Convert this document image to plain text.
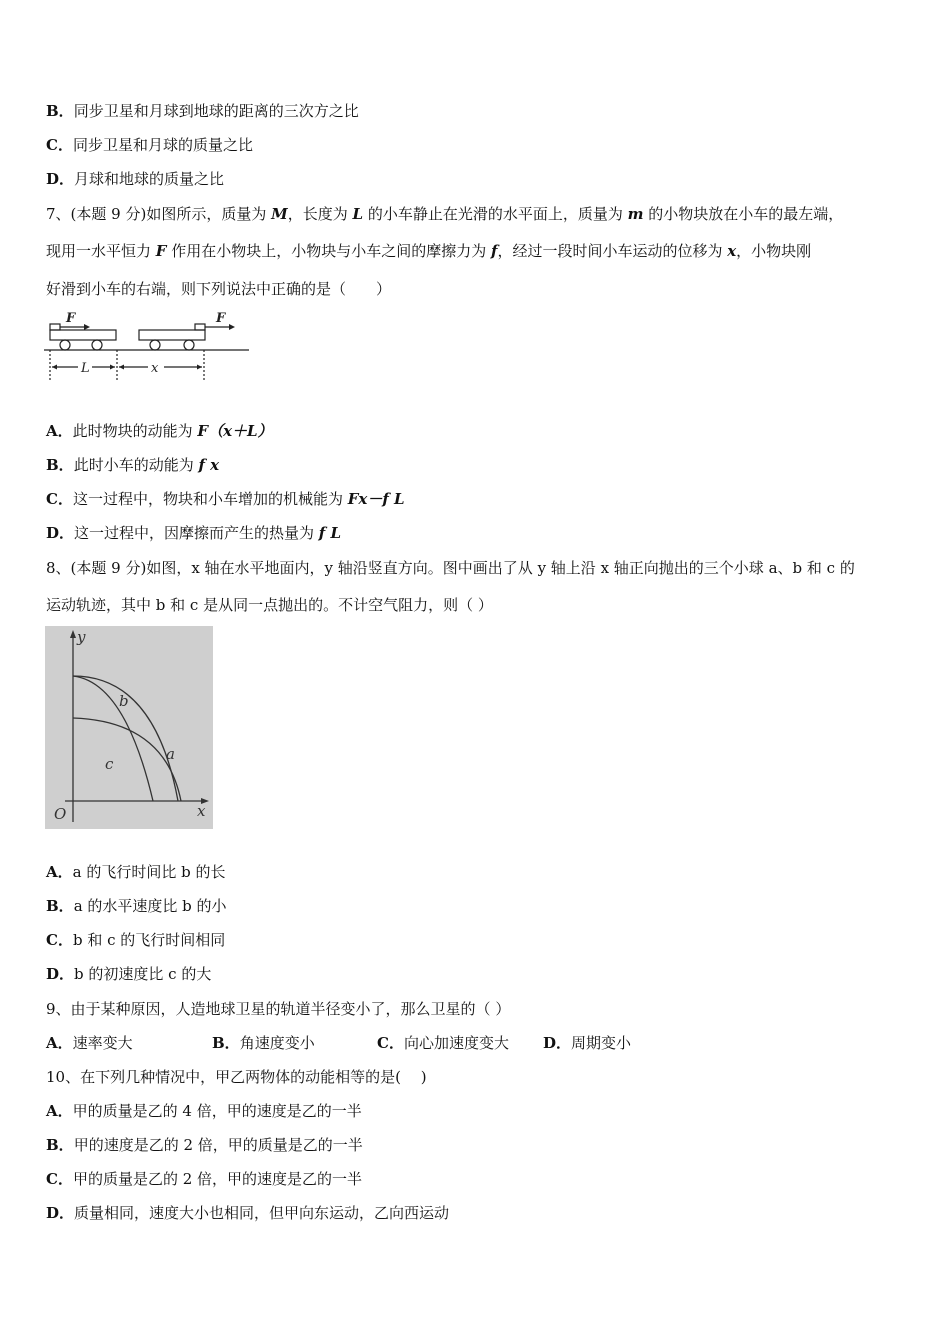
B．同步卫星和月球到地球的距离的三次方之比
C．同步卫星和月球的质量之比
D．月球和地球的质量之比
7、(本题 9 分)如图所示，质量为 M，长度为 L 的小车静止在光滑的水平面上，质量为 m 的小物块放在小车的最左端，
现用一水平恒力 F 作用在小物块上，小物块与小车之间的摩擦力为 f，经过一段时间小车运动的位移为 x，小物块刚
好滑到小车的右端，则下列说法中正确的是（　　）
F	F
L	x
A．此时物块的动能为 F（x＋L）
B．此时小车的动能为 f x
C．这一过程中，物块和小车增加的机械能为 Fx－f L
D．这一过程中，因摩擦而产生的热量为 f L
8、(本题 9 分)如图，x 轴在水平地面内，y 轴沿竖直方向。图中画出了从 y 轴上沿 x 轴正向抛出的三个小球 a、b 和 c 的
运动轨迹，其中 b 和 c 是从同一点抛出的。不计空气阻力，则（ ）
y
x
O
b
a
c
A．a 的飞行时间比 b 的长
B．a 的水平速度比 b 的小
C．b 和 c 的飞行时间相同
D．b 的初速度比 c 的大
9、由于某种原因，人造地球卫星的轨道半径变小了，那么卫星的（ ）
A．速率变大	B．角速度变小	C．向心加速度变大 D．周期变小
10、在下列几种情况中，甲乙两物体的动能相等的是(　 )
A．甲的质量是乙的 4 倍，甲的速度是乙的一半
B．甲的速度是乙的 2 倍，甲的质量是乙的一半
C．甲的质量是乙的 2 倍，甲的速度是乙的一半
D．质量相同，速度大小也相同，但甲向东运动，乙向西运动
